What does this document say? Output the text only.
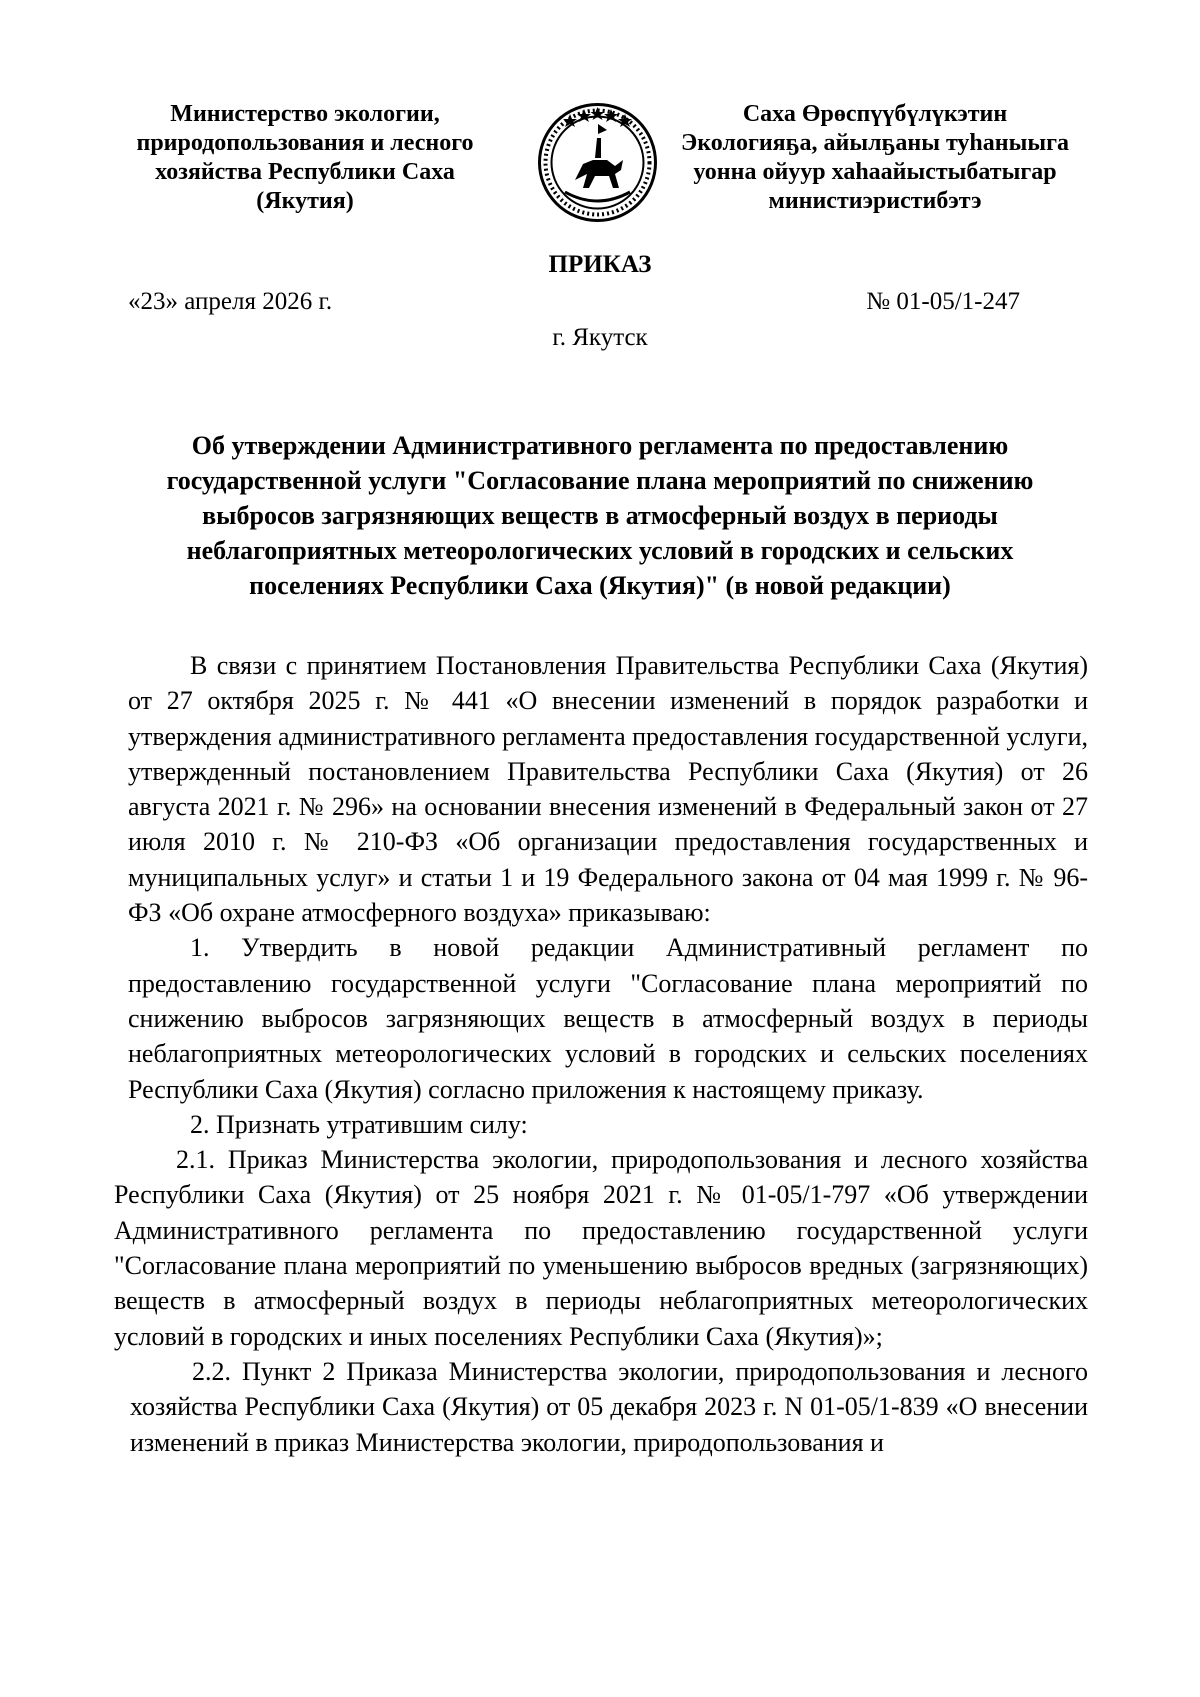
Министерство экологии,
природопользования и лесного
хозяйства Республики Саха
(Якутия)
Саха Өрөспүүбүлүкэтин
Экологияҕа, айылҕаны туһаныыга
уонна ойуур хаһаайыстыбатыгар
министиэристибэтэ
ПРИКАЗ
«23» апреля 2026 г.	№ 01-05/1-247
г. Якутск
Об утверждении Административного регламента по предоставлению государственной услуги "Согласование плана мероприятий по снижению выбросов загрязняющих веществ в атмосферный воздух в периоды неблагоприятных метеорологических условий в городских и сельских поселениях Республики Саха (Якутия)" (в новой редакции)

В связи с принятием Постановления Правительства Республики Саха (Якутия) от 27 октября 2025 г. № 441 «О внесении изменений в порядок разработки и утверждения административного регламента предоставления государственной услуги, утвержденный постановлением Правительства Республики Саха (Якутия) от 26 августа 2021 г. № 296» на основании внесения изменений в Федеральный закон от 27 июля 2010 г. № 210-ФЗ «Об организации предоставления государственных и муниципальных услуг» и статьи 1 и 19 Федерального закона от 04 мая 1999 г. № 96-ФЗ «Об охране атмосферного воздуха» приказываю:

1. Утвердить в новой редакции Административный регламент по предоставлению государственной услуги "Согласование плана мероприятий по снижению выбросов загрязняющих веществ в атмосферный воздух в периоды неблагоприятных метеорологических условий в городских и сельских поселениях Республики Саха (Якутия) согласно приложения к настоящему приказу.

2. Признать утратившим силу:

2.1. Приказ Министерства экологии, природопользования и лесного хозяйства Республики Саха (Якутия) от 25 ноября 2021 г. № 01-05/1-797 «Об утверждении Административного регламента по предоставлению государственной услуги "Согласование плана мероприятий по уменьшению выбросов вредных (загрязняющих) веществ в атмосферный воздух в периоды неблагоприятных метеорологических условий в городских и иных поселениях Республики Саха (Якутия)»;

2.2. Пункт 2 Приказа Министерства экологии, природопользования и лесного хозяйства Республики Саха (Якутия) от 05 декабря 2023 г. N 01-05/1-839 «О внесении изменений в приказ Министерства экологии, природопользования и
